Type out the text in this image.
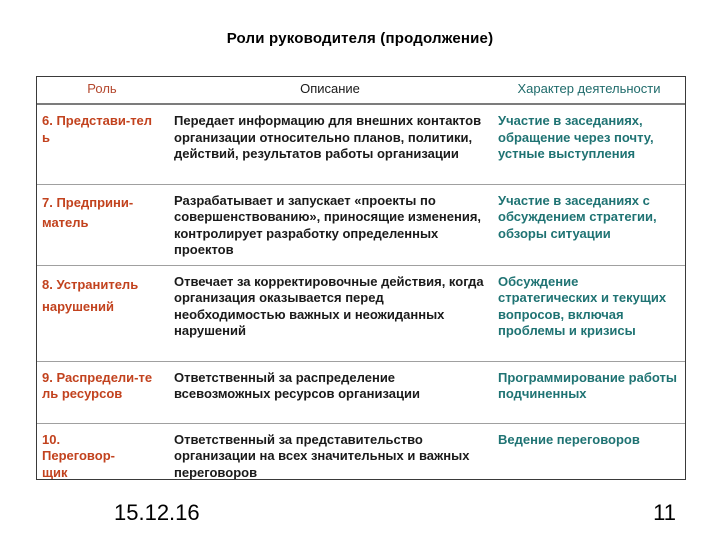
Роли руководителя (продолжение)
Роль	Описание	Характер деятельности

6. Представи-тел ь	Передает информацию для внешних контактов организации относительно планов, политики, действий, результатов работы организации	Участие в заседаниях, обращение через почту, устные выступления

7. Предприни-матель	Разрабатывает и запускает «проекты по совершенствованию», приносящие изменения, контролирует разработку определенных проектов	Участие в заседаниях с обсуждением стратегии, обзоры ситуации

8. Устранитель нарушений	Отвечает за корректировочные действия, когда организация оказывается перед необходимостью важных и неожиданных нарушений	Обсуждение стратегических и текущих вопросов, включая проблемы и кризисы

9. Распредели-те ль ресурсов	Ответственный за распределение всевозможных ресурсов организации	Программирование работы подчиненных

10. Переговор-щик	Ответственный за представительство организации на всех значительных и важных переговоров	Ведение переговоров
15.12.16	11
